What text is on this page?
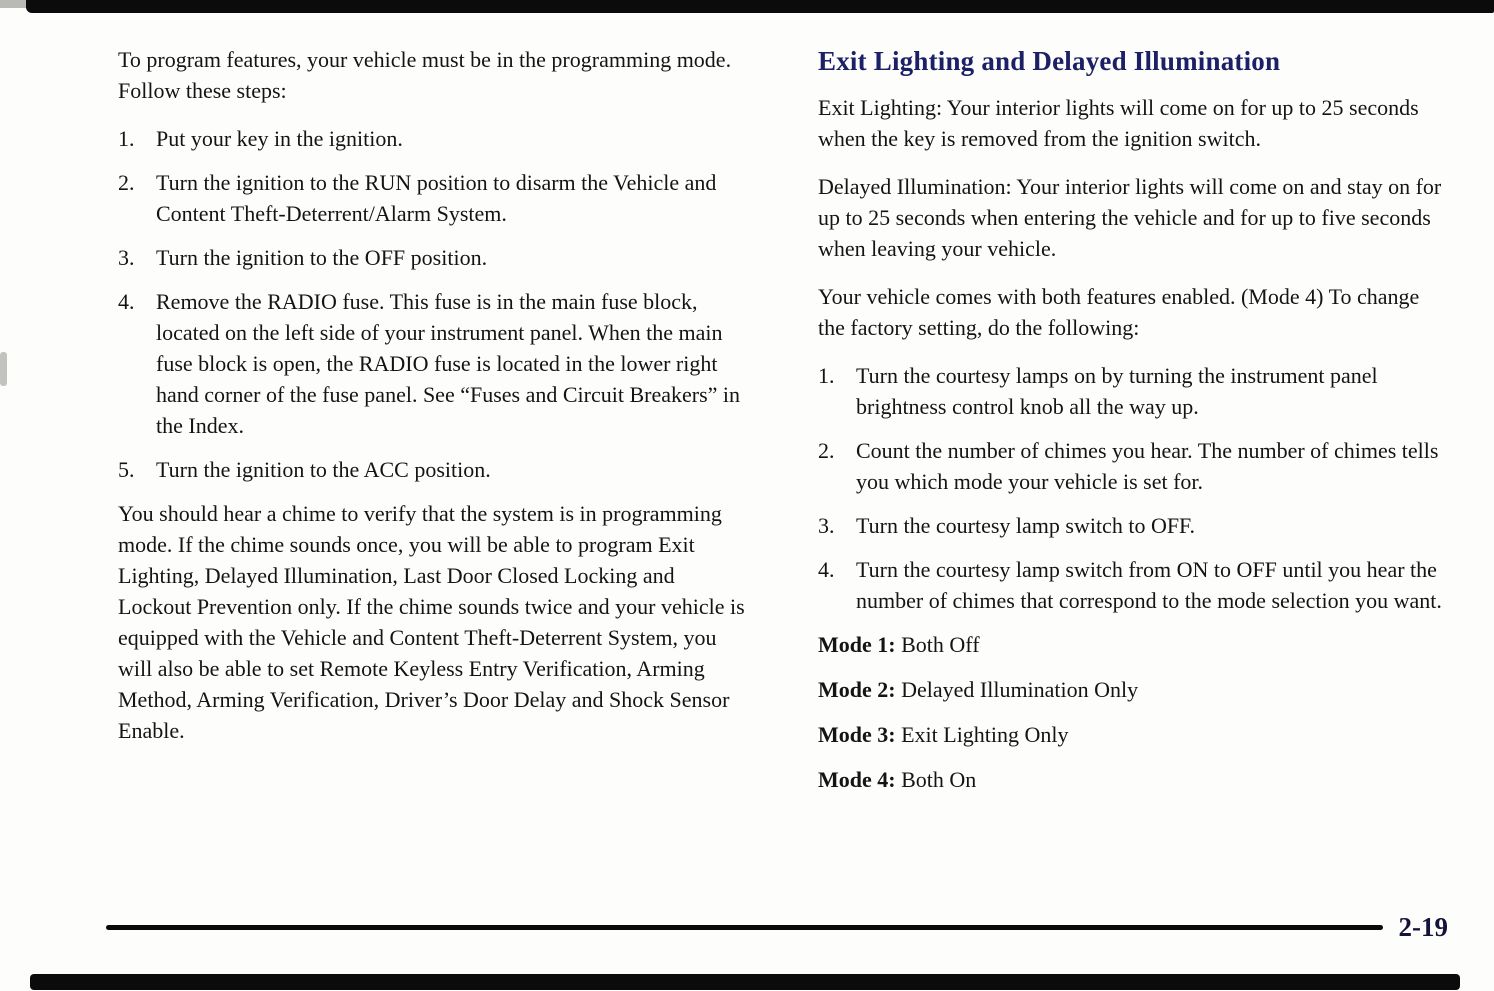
To program features, your vehicle must be in the programming mode. Follow these steps:

1. Put your key in the ignition.
2. Turn the ignition to the RUN position to disarm the Vehicle and Content Theft-Deterrent/Alarm System.
3. Turn the ignition to the OFF position.
4. Remove the RADIO fuse. This fuse is in the main fuse block, located on the left side of your instrument panel. When the main fuse block is open, the RADIO fuse is located in the lower right hand corner of the fuse panel. See “Fuses and Circuit Breakers” in the Index.
5. Turn the ignition to the ACC position.

You should hear a chime to verify that the system is in programming mode. If the chime sounds once, you will be able to program Exit Lighting, Delayed Illumination, Last Door Closed Locking and Lockout Prevention only. If the chime sounds twice and your vehicle is equipped with the Vehicle and Content Theft-Deterrent System, you will also be able to set Remote Keyless Entry Verification, Arming Method, Arming Verification, Driver’s Door Delay and Shock Sensor Enable.

Exit Lighting and Delayed Illumination

Exit Lighting: Your interior lights will come on for up to 25 seconds when the key is removed from the ignition switch.

Delayed Illumination: Your interior lights will come on and stay on for up to 25 seconds when entering the vehicle and for up to five seconds when leaving your vehicle.

Your vehicle comes with both features enabled. (Mode 4) To change the factory setting, do the following:

1. Turn the courtesy lamps on by turning the instrument panel brightness control knob all the way up.
2. Count the number of chimes you hear. The number of chimes tells you which mode your vehicle is set for.
3. Turn the courtesy lamp switch to OFF.
4. Turn the courtesy lamp switch from ON to OFF until you hear the number of chimes that correspond to the mode selection you want.
Mode 1: Both Off
Mode 2: Delayed Illumination Only
Mode 3: Exit Lighting Only
Mode 4: Both On
2-19
